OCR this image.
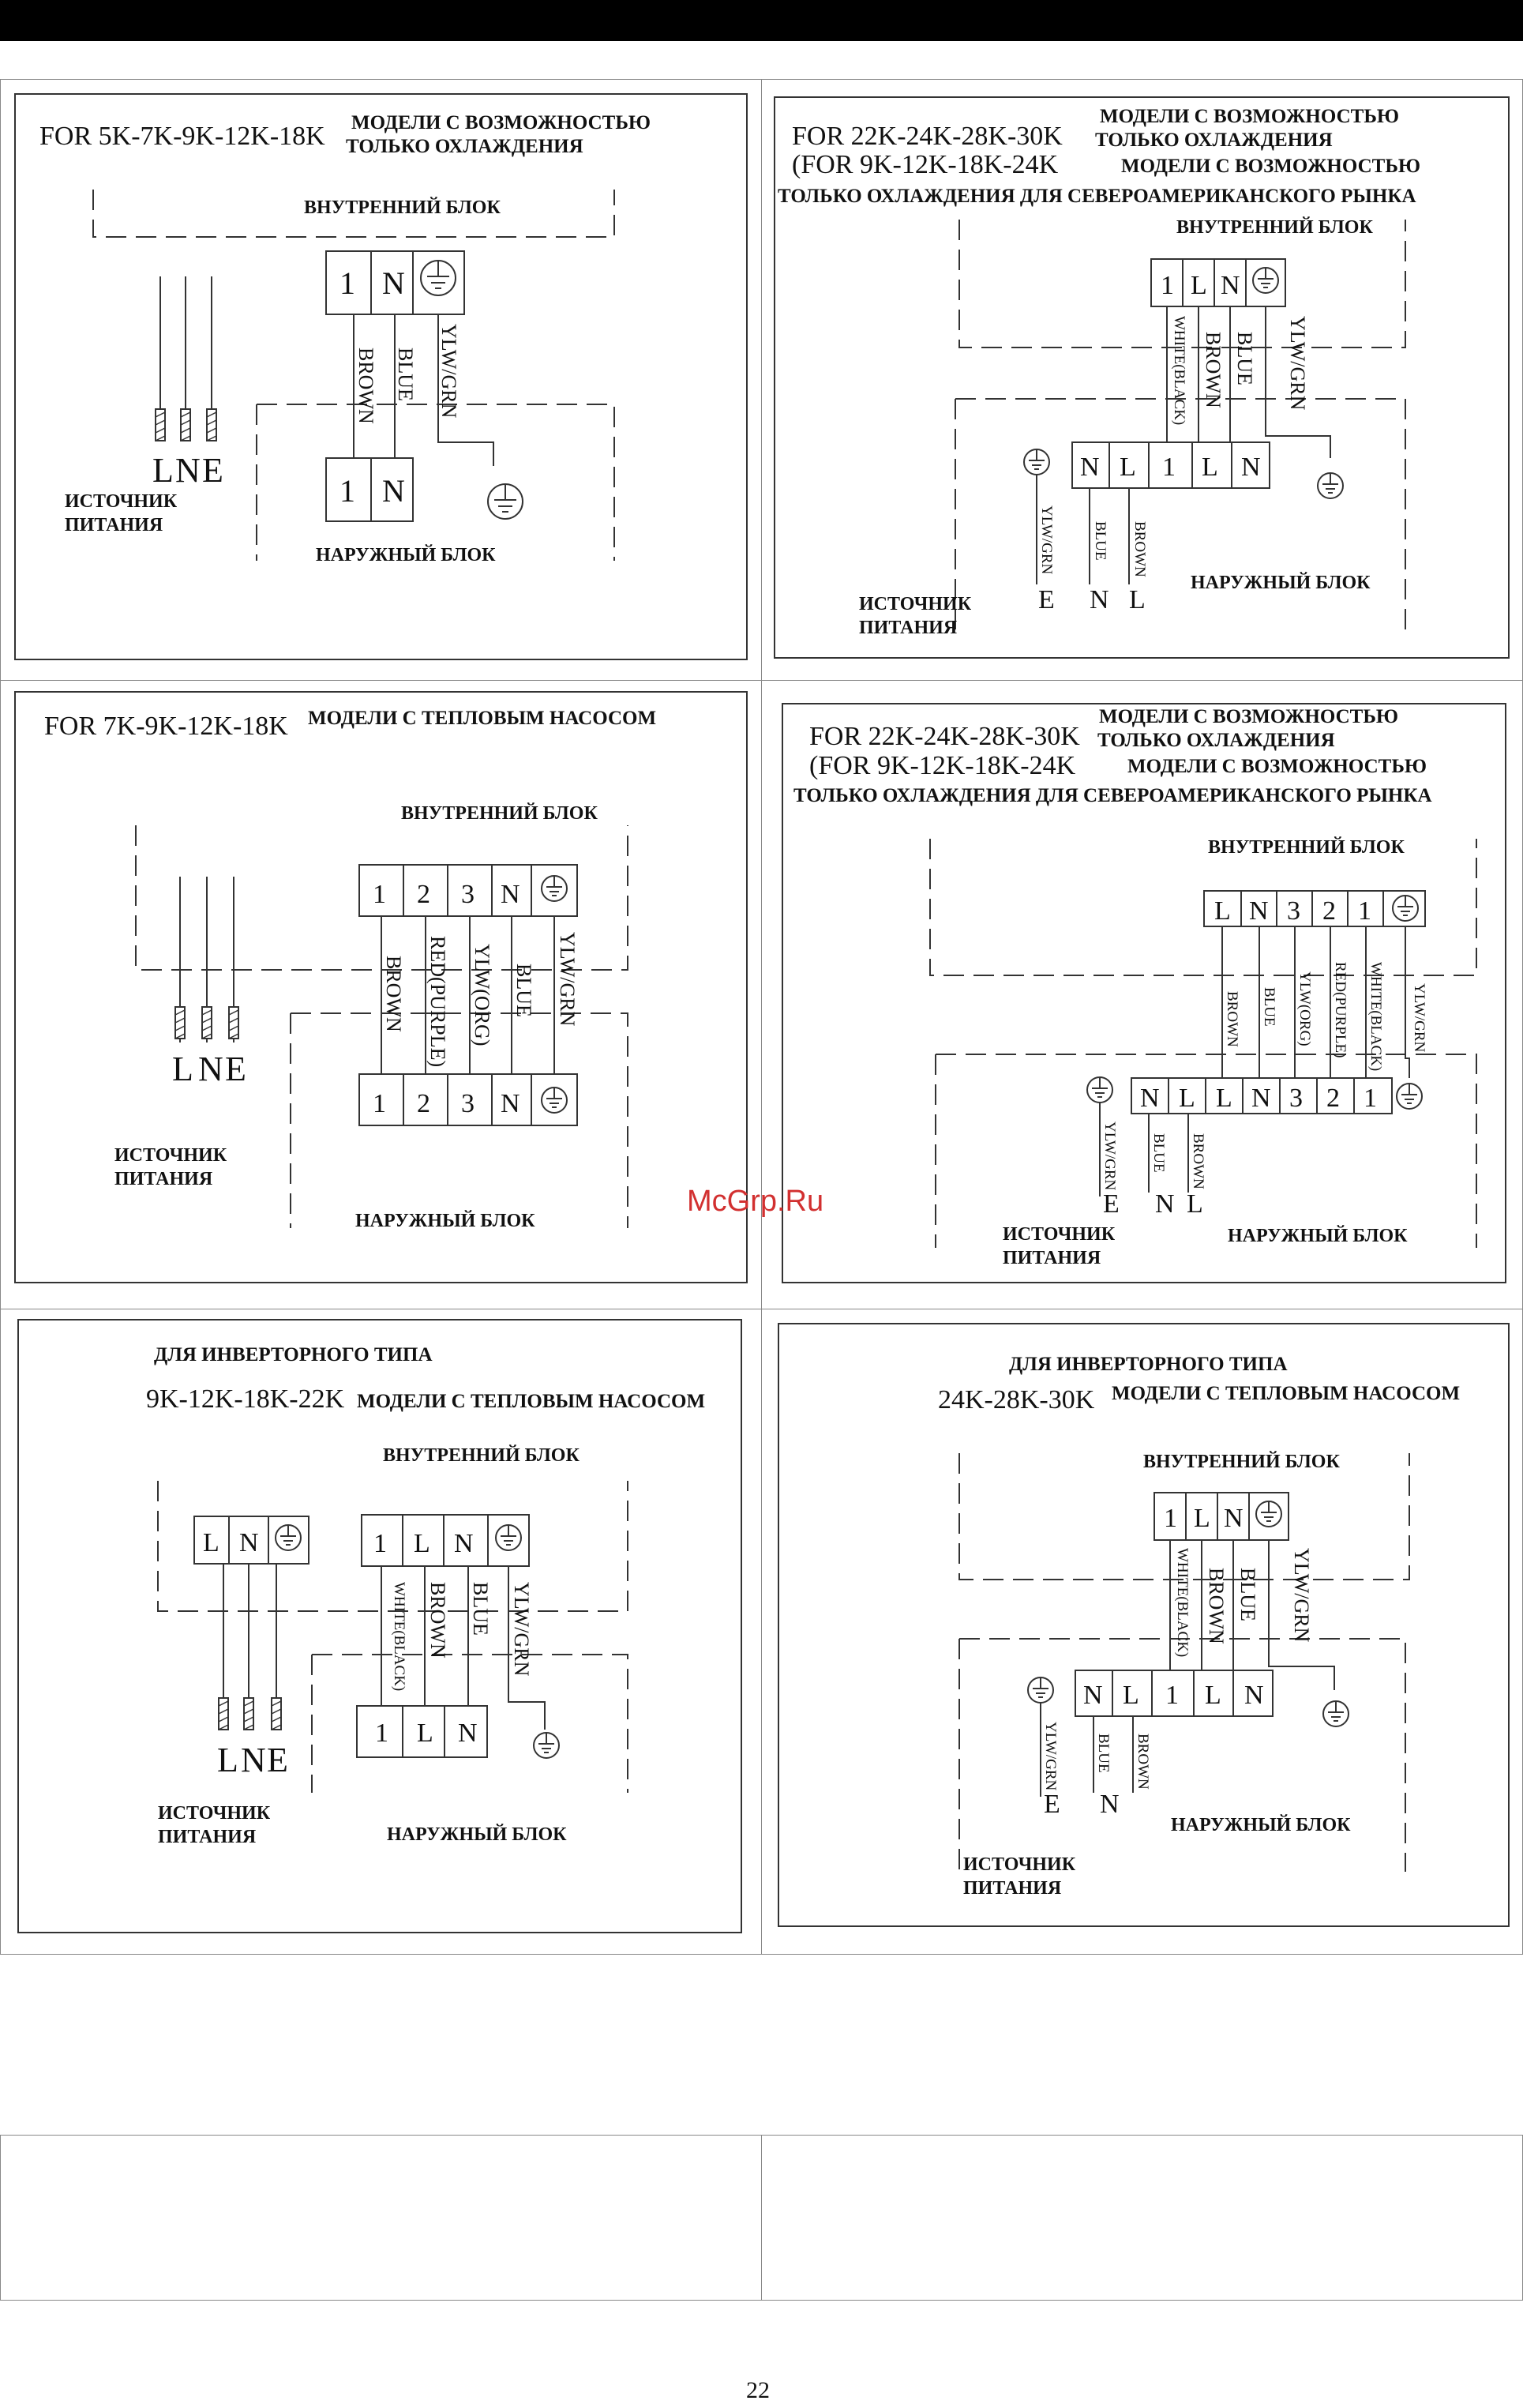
FOR 5K-7K-9K-12K-18K МОДЕЛИ С ВОЗМОЖНОСТЬЮ
ТОЛЬКО ОХЛАЖДЕНИЯ
ВНУТРЕННИЙ БЛОК
1 N
BROWN BLUE YLW/GRN
1 N
L N E
ИСТОЧНИК
ПИТАНИЯ
НАРУЖНЫЙ БЛОК
FOR 22K-24K-28K-30K
(FOR 9K-12K-18K-24K
МОДЕЛИ С ВОЗМОЖНОСТЬЮ
ТОЛЬКО ОХЛАЖДЕНИЯ
МОДЕЛИ С ВОЗМОЖНОСТЬЮ
ТОЛЬКО ОХЛАЖДЕНИЯ ДЛЯ СЕВЕРОАМЕРИКАНСКОГО РЫНКА
ВНУТРЕННИЙ БЛОК
1 L N
WHITE(BLACK) BROWN BLUE YLW/GRN
N L 1 L N
YLW/GRN BLUE BROWN
E N L
ИСТОЧНИК
ПИТАНИЯ
НАРУЖНЫЙ БЛОК
FOR 7K-9K-12K-18K МОДЕЛИ С ТЕПЛОВЫМ НАСОСОМ
ВНУТРЕННИЙ БЛОК
1 2 3 N
BROWN RED(PURPLE) YLW(ORG) BLUE YLW/GRN
1 2 3 N
L N E
ИСТОЧНИК
ПИТАНИЯ
НАРУЖНЫЙ БЛОК
FOR 22K-24K-28K-30K
(FOR 9K-12K-18K-24K
МОДЕЛИ С ВОЗМОЖНОСТЬЮ
ТОЛЬКО ОХЛАЖДЕНИЯ
МОДЕЛИ С ВОЗМОЖНОСТЬЮ
ТОЛЬКО ОХЛАЖДЕНИЯ ДЛЯ СЕВЕРОАМЕРИКАНСКОГО РЫНКА
ВНУТРЕННИЙ БЛОК
L N 3 2 1
BROWN BLUE YLW(ORG) RED(PURPLE) WHITE(BLACK) YLW/GRN
N L L N 3 2 1
YLW/GRN BLUE BROWN
E N L
ИСТОЧНИК
ПИТАНИЯ
НАРУЖНЫЙ БЛОК
ДЛЯ ИНВЕРТОРНОГО ТИПА
9K-12K-18K-22K МОДЕЛИ С ТЕПЛОВЫМ НАСОСОМ
ВНУТРЕННИЙ БЛОК
L N
L N E
1 L N
WHITE(BLACK) BROWN BLUE YLW/GRN
1 L N
ИСТОЧНИК
ПИТАНИЯ	НАРУЖНЫЙ БЛОК
ДЛЯ ИНВЕРТОРНОГО ТИПА
24K-28K-30K МОДЕЛИ С ТЕПЛОВЫМ НАСОСОМ
ВНУТРЕННИЙ БЛОК
1 L N
WHITE(BLACK) BROWN BLUE YLW/GRN
N L 1 L N
YLW/GRN BLUE BROWN
E N
ИСТОЧНИК
ПИТАНИЯ
НАРУЖНЫЙ БЛОК
McGrp.Ru
22
